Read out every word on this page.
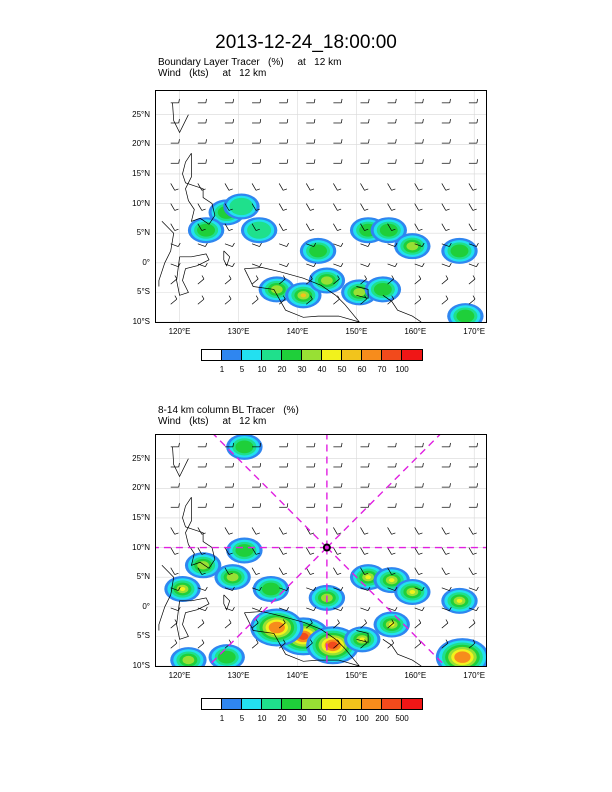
2013-12-24_18:00:00
Boundary Layer Tracer   (%)     at   12 km
Wind   (kts)     at   12 km
25°N
20°N
15°N
10°N
5°N
0°
5°S
10°S
120°E	130°E	140°E	150°E	160°E	170°E
1	5	10	20	30	40	50	60	70	100
8-14 km column BL Tracer   (%)
Wind   (kts)     at   12 km
25°N
20°N
15°N
10°N
5°N
0°
5°S
10°S
120°E	130°E	140°E	150°E	160°E	170°E
1	5	10	20	30	50	70	100 200 500
